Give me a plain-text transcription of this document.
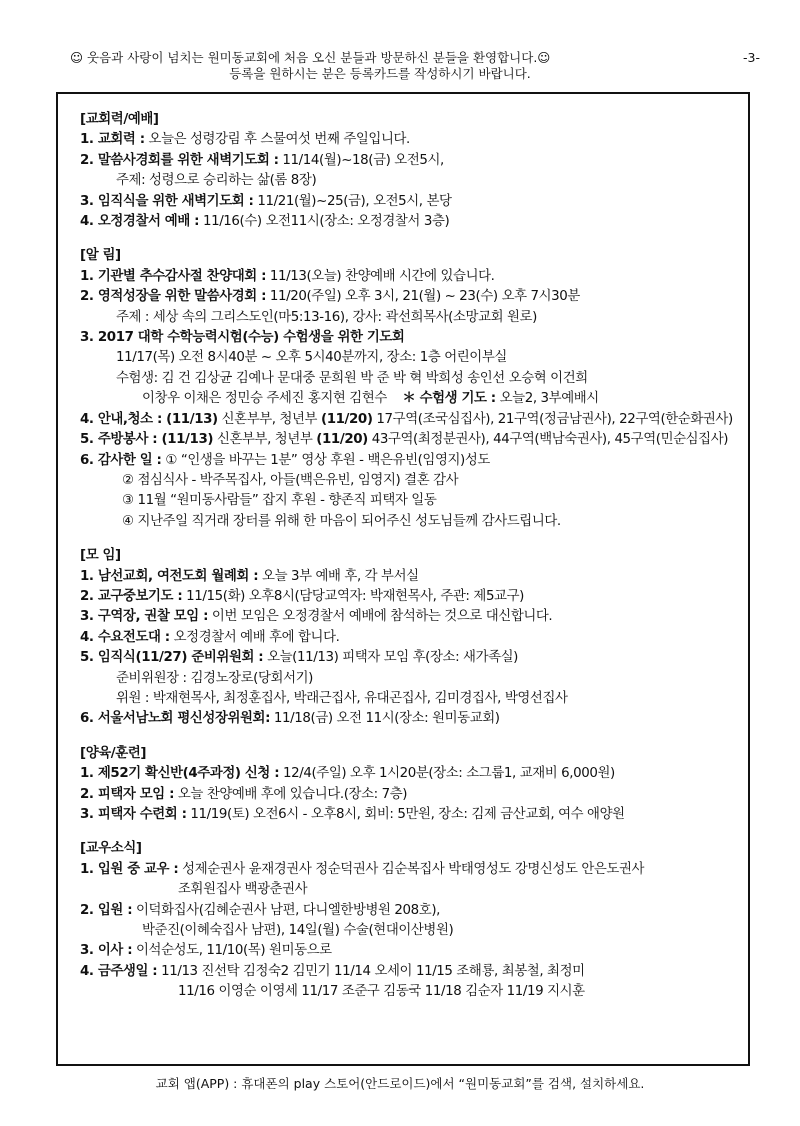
☺ 웃음과 사랑이 넘치는 원미동교회에 처음 오신 분들과 방문하신 분들을 환영합니다.☺	-3-
등록을 원하시는 분은 등록카드를 작성하시기 바랍니다.
[교회력/예배]
1. 교회력 : 오늘은 성령강림 후 스물여섯 번째 주일입니다.
2. 말씀사경회를 위한 새벽기도회 : 11/14(월)~18(금) 오전5시,
주제: 성령으로 승리하는 삶(롬 8장)
3. 임직식을 위한 새벽기도회 : 11/21(월)~25(금), 오전5시, 본당
4. 오정경찰서 예배 : 11/16(수) 오전11시(장소: 오정경찰서 3층)
[알 림]
1. 기관별 추수감사절 찬양대회 : 11/13(오늘) 찬양예배 시간에 있습니다.
2. 영적성장을 위한 말씀사경회 : 11/20(주일) 오후 3시, 21(월) ~ 23(수) 오후 7시30분
주제 : 세상 속의 그리스도인(마5:13-16), 강사: 곽선희목사(소망교회 원로)
3. 2017 대학 수학능력시험(수능) 수험생을 위한 기도회
11/17(목) 오전 8시40분 ~ 오후 5시40분까지, 장소: 1층 어린이부실
수험생: 김 건 김상균 김예나 문대중 문희원 박 준 박 혁 박희성 송인선 오승혁 이건희
이창우 이채은 정민승 주세진 홍지현 김현수 ＊ 수험생 기도 : 오늘2, 3부예배시
4. 안내,청소 : (11/13) 신혼부부, 청년부 (11/20) 17구역(조국심집사), 21구역(정금남권사), 22구역(한순화권사)
5. 주방봉사 : (11/13) 신혼부부, 청년부 (11/20) 43구역(최정분권사), 44구역(백남숙권사), 45구역(민순심집사)
6. 감사한 일 : ① “인생을 바꾸는 1분” 영상 후원 - 백은유빈(임영지)성도
② 점심식사 - 박주목집사, 아들(백은유빈, 임영지) 결혼 감사
③ 11월 “원미동사람들” 잡지 후원 - 향존직 피택자 일동
④ 지난주일 직거래 장터를 위해 한 마음이 되어주신 성도님들께 감사드립니다.
[모 임]
1. 남선교회, 여전도회 월례회 : 오늘 3부 예배 후, 각 부서실
2. 교구중보기도 : 11/15(화) 오후8시(담당교역자: 박재현목사, 주관: 제5교구)
3. 구역장, 권찰 모임 : 이번 모임은 오정경찰서 예배에 참석하는 것으로 대신합니다.
4. 수요전도대 : 오정경찰서 예배 후에 합니다.
5. 임직식(11/27) 준비위원회 : 오늘(11/13) 피택자 모임 후(장소: 새가족실)
준비위원장 : 김경노장로(당회서기)
위원 : 박재현목사, 최정훈집사, 박래근집사, 유대곤집사, 김미경집사, 박영선집사
6. 서울서남노회 평신성장위원회: 11/18(금) 오전 11시(장소: 원미동교회)
[양육/훈련]
1. 제52기 확신반(4주과정) 신청 : 12/4(주일) 오후 1시20분(장소: 소그룹1, 교재비 6,000원)
2. 피택자 모임 : 오늘 찬양예배 후에 있습니다.(장소: 7층)
3. 피택자 수련회 : 11/19(토) 오전6시 - 오후8시, 회비: 5만원, 장소: 김제 금산교회, 여수 애양원
[교우소식]
1. 입원 중 교우 : 성제순권사 윤재경권사 정순덕권사 김순복집사 박태영성도 강명신성도 안은도권사
조휘원집사 백광춘권사
2. 입원 : 이덕화집사(김혜순권사 남편, 다니엘한방병원 208호),
박준진(이혜숙집사 남편), 14일(월) 수술(현대이산병원)
3. 이사 : 이석순성도, 11/10(목) 원미동으로
4. 금주생일 : 11/13 진선탁 김정숙2 김민기 11/14 오세이 11/15 조해룡, 최봉철, 최정미
11/16 이영순 이영세 11/17 조준구 김동국 11/18 김순자 11/19 지시훈
교회 앱(APP) : 휴대폰의 play 스토어(안드로이드)에서 “원미동교회”를 검색, 설치하세요.
